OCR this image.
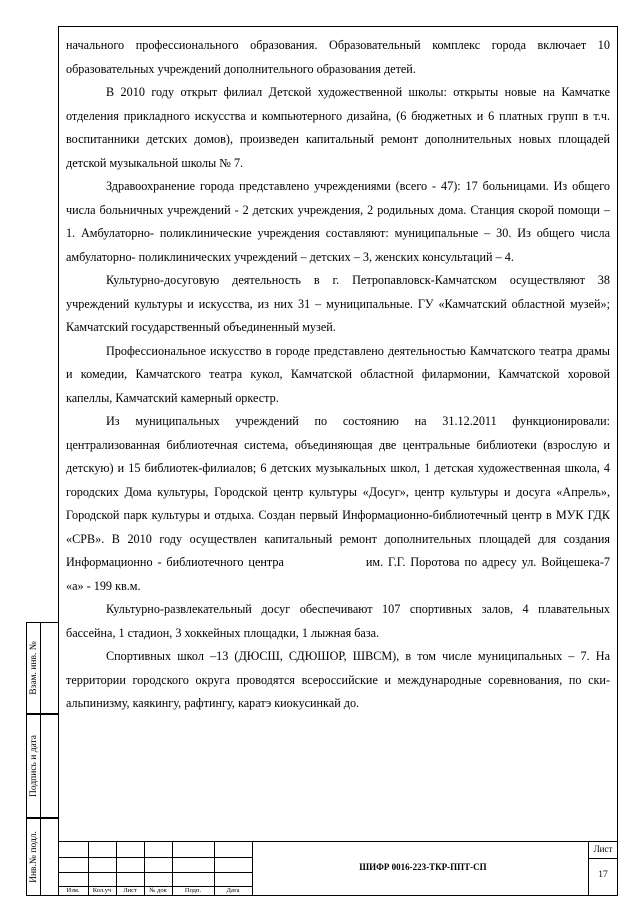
начального профессионального образования. Образовательный комплекс города включает 10 образовательных учреждений дополнительного образования детей.

В 2010 году открыт филиал Детской художественной школы: открыты новые на Камчатке отделения прикладного искусства и компьютерного дизайна, (6 бюджетных и 6 платных групп в т.ч. воспитанники детских домов), произведен капитальный ремонт дополнительных новых площадей детской музыкальной школы № 7.

Здравоохранение города представлено учреждениями (всего - 47): 17 больницами. Из общего числа больничных учреждений - 2 детских учреждения, 2 родильных дома. Станция скорой помощи – 1. Амбулаторно- поликлинические учреждения составляют: муниципальные – 30. Из общего числа амбулаторно- поликлинических учреждений – детских – 3, женских консультаций – 4.

Культурно-досуговую деятельность в г. Петропавловск-Камчатском осуществляют 38 учреждений культуры и искусства, из них 31 – муниципальные. ГУ «Камчатский областной музей»; Камчатский государственный объединенный музей.

Профессиональное искусство в городе представлено деятельностью Камчатского театра драмы и комедии, Камчатского театра кукол, Камчатской областной филармонии, Камчатской хоровой капеллы, Камчатский камерный оркестр.

Из муниципальных учреждений по состоянию на 31.12.2011 функционировали: централизованная библиотечная система, объединяющая две центральные библиотеки (взрослую и детскую) и 15 библиотек-филиалов; 6 детских музыкальных школ, 1 детская художественная школа, 4 городских Дома культуры, Городской центр культуры «Досуг», центр культуры и досуга «Апрель», Городской парк культуры и отдыха. Создан первый Информационно-библиотечный центр в МУК ГДК «СРВ». В 2010 году осуществлен капитальный ремонт дополнительных площадей для создания Информационно - библиотечного центра	им. Г.Г. Поротова по адресу ул. Войцешека-7 «а» - 199 кв.м.

Культурно-развлекательный досуг обеспечивают 107 спортивных залов, 4 плавательных бассейна, 1 стадион, 3 хоккейных площадки, 1 лыжная база.

Спортивных школ –13 (ДЮСШ, СДЮШОР, ШВСМ), в том числе муниципальных – 7. На территории городского округа проводятся всероссийские и международные соревнования, по ски-альпинизму, каякингу, рафтингу, каратэ киокусинкай до.

Взам. инв. №
Подпись и дата
Инв.№ подл.
Изм.	Кол.уч	Лист	№ док	Подп.	Дата
ШИФР 0016-223-ТКР-ППТ-СП
Лист
17
